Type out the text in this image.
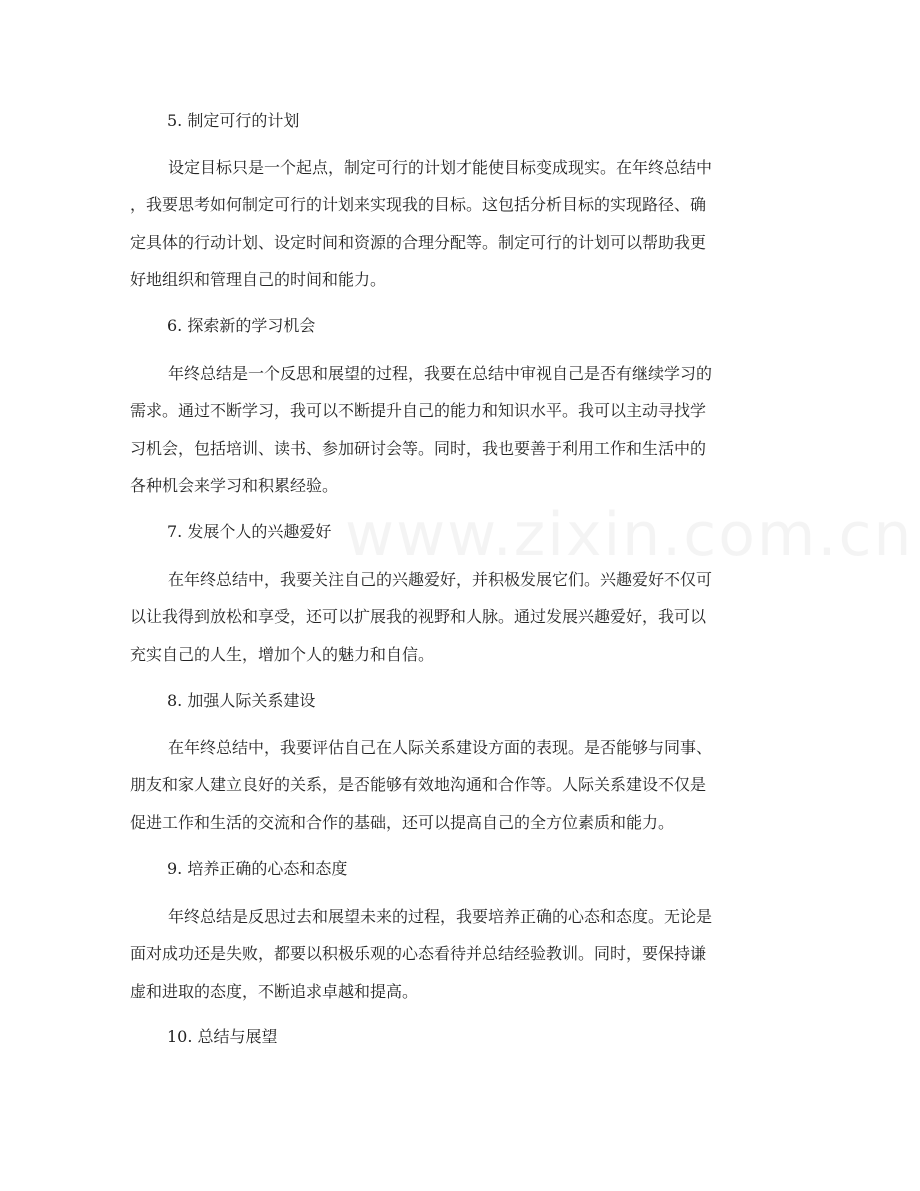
5. 制定可行的计划
设定目标只是一个起点，制定可行的计划才能使目标变成现实。在年终总结中
，我要思考如何制定可行的计划来实现我的目标。这包括分析目标的实现路径、确
定具体的行动计划、设定时间和资源的合理分配等。制定可行的计划可以帮助我更
好地组织和管理自己的时间和能力。
6. 探索新的学习机会
年终总结是一个反思和展望的过程，我要在总结中审视自己是否有继续学习的
需求。通过不断学习，我可以不断提升自己的能力和知识水平。我可以主动寻找学
习机会，包括培训、读书、参加研讨会等。同时，我也要善于利用工作和生活中的
各种机会来学习和积累经验。
7. 发展个人的兴趣爱好
在年终总结中，我要关注自己的兴趣爱好，并积极发展它们。兴趣爱好不仅可
以让我得到放松和享受，还可以扩展我的视野和人脉。通过发展兴趣爱好，我可以
充实自己的人生，增加个人的魅力和自信。
8. 加强人际关系建设
在年终总结中，我要评估自己在人际关系建设方面的表现。是否能够与同事、
朋友和家人建立良好的关系，是否能够有效地沟通和合作等。人际关系建设不仅是
促进工作和生活的交流和合作的基础，还可以提高自己的全方位素质和能力。
9. 培养正确的心态和态度
年终总结是反思过去和展望未来的过程，我要培养正确的心态和态度。无论是
面对成功还是失败，都要以积极乐观的心态看待并总结经验教训。同时，要保持谦
虚和进取的态度，不断追求卓越和提高。
10. 总结与展望
